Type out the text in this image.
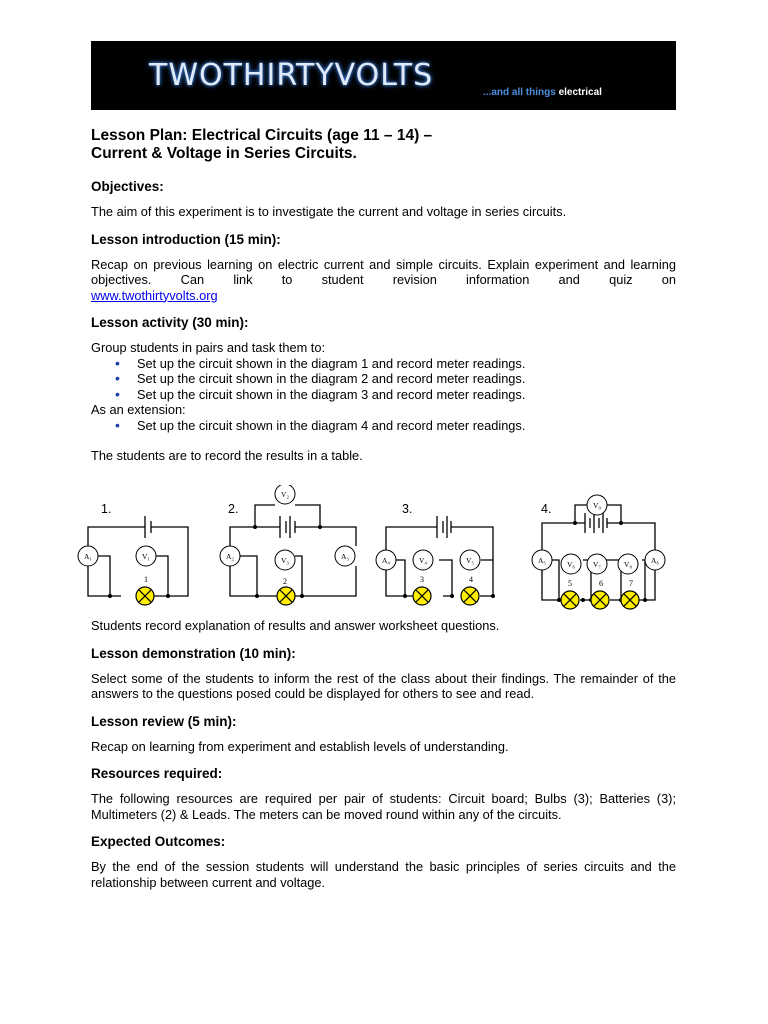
TWOTHIRTYVOLTS	...and all things electrical
Lesson Plan: Electrical Circuits (age 11 – 14) –
Current & Voltage in Series Circuits.
Objectives:

The aim of this experiment is to investigate the current and voltage in series circuits.

Lesson introduction (15 min):

Recap on previous learning on electric current and simple circuits. Explain experiment and learning objectives. Can link to student revision information and quiz on

www.twothirtyvolts.org
Lesson activity (30 min):
Group students in pairs and task them to:
• Set up the circuit shown in the diagram 1 and record meter readings.
• Set up the circuit shown in the diagram 2 and record meter readings.
• Set up the circuit shown in the diagram 3 and record meter readings.
As an extension:
• Set up the circuit shown in the diagram 4 and record meter readings.

The students are to record the results in a table.

1.	2.	3.	4.
A₁	V₁
V₂
A₂	V₃	A₃	A₄	V₄	V₅
V₉
A₅	V₆ V₇	V₈	A₆
1	2	3	4	5	6	7

Students record explanation of results and answer worksheet questions.

Lesson demonstration (10 min):

Select some of the students to inform the rest of the class about their findings. The remainder of the answers to the questions posed could be displayed for others to see and read.

Lesson review (5 min):

Recap on learning from experiment and establish levels of understanding.

Resources required:

The following resources are required per pair of students: Circuit board; Bulbs (3); Batteries (3); Multimeters (2) & Leads. The meters can be moved round within any of the circuits.

Expected Outcomes:

By the end of the session students will understand the basic principles of series circuits and the relationship between current and voltage.
